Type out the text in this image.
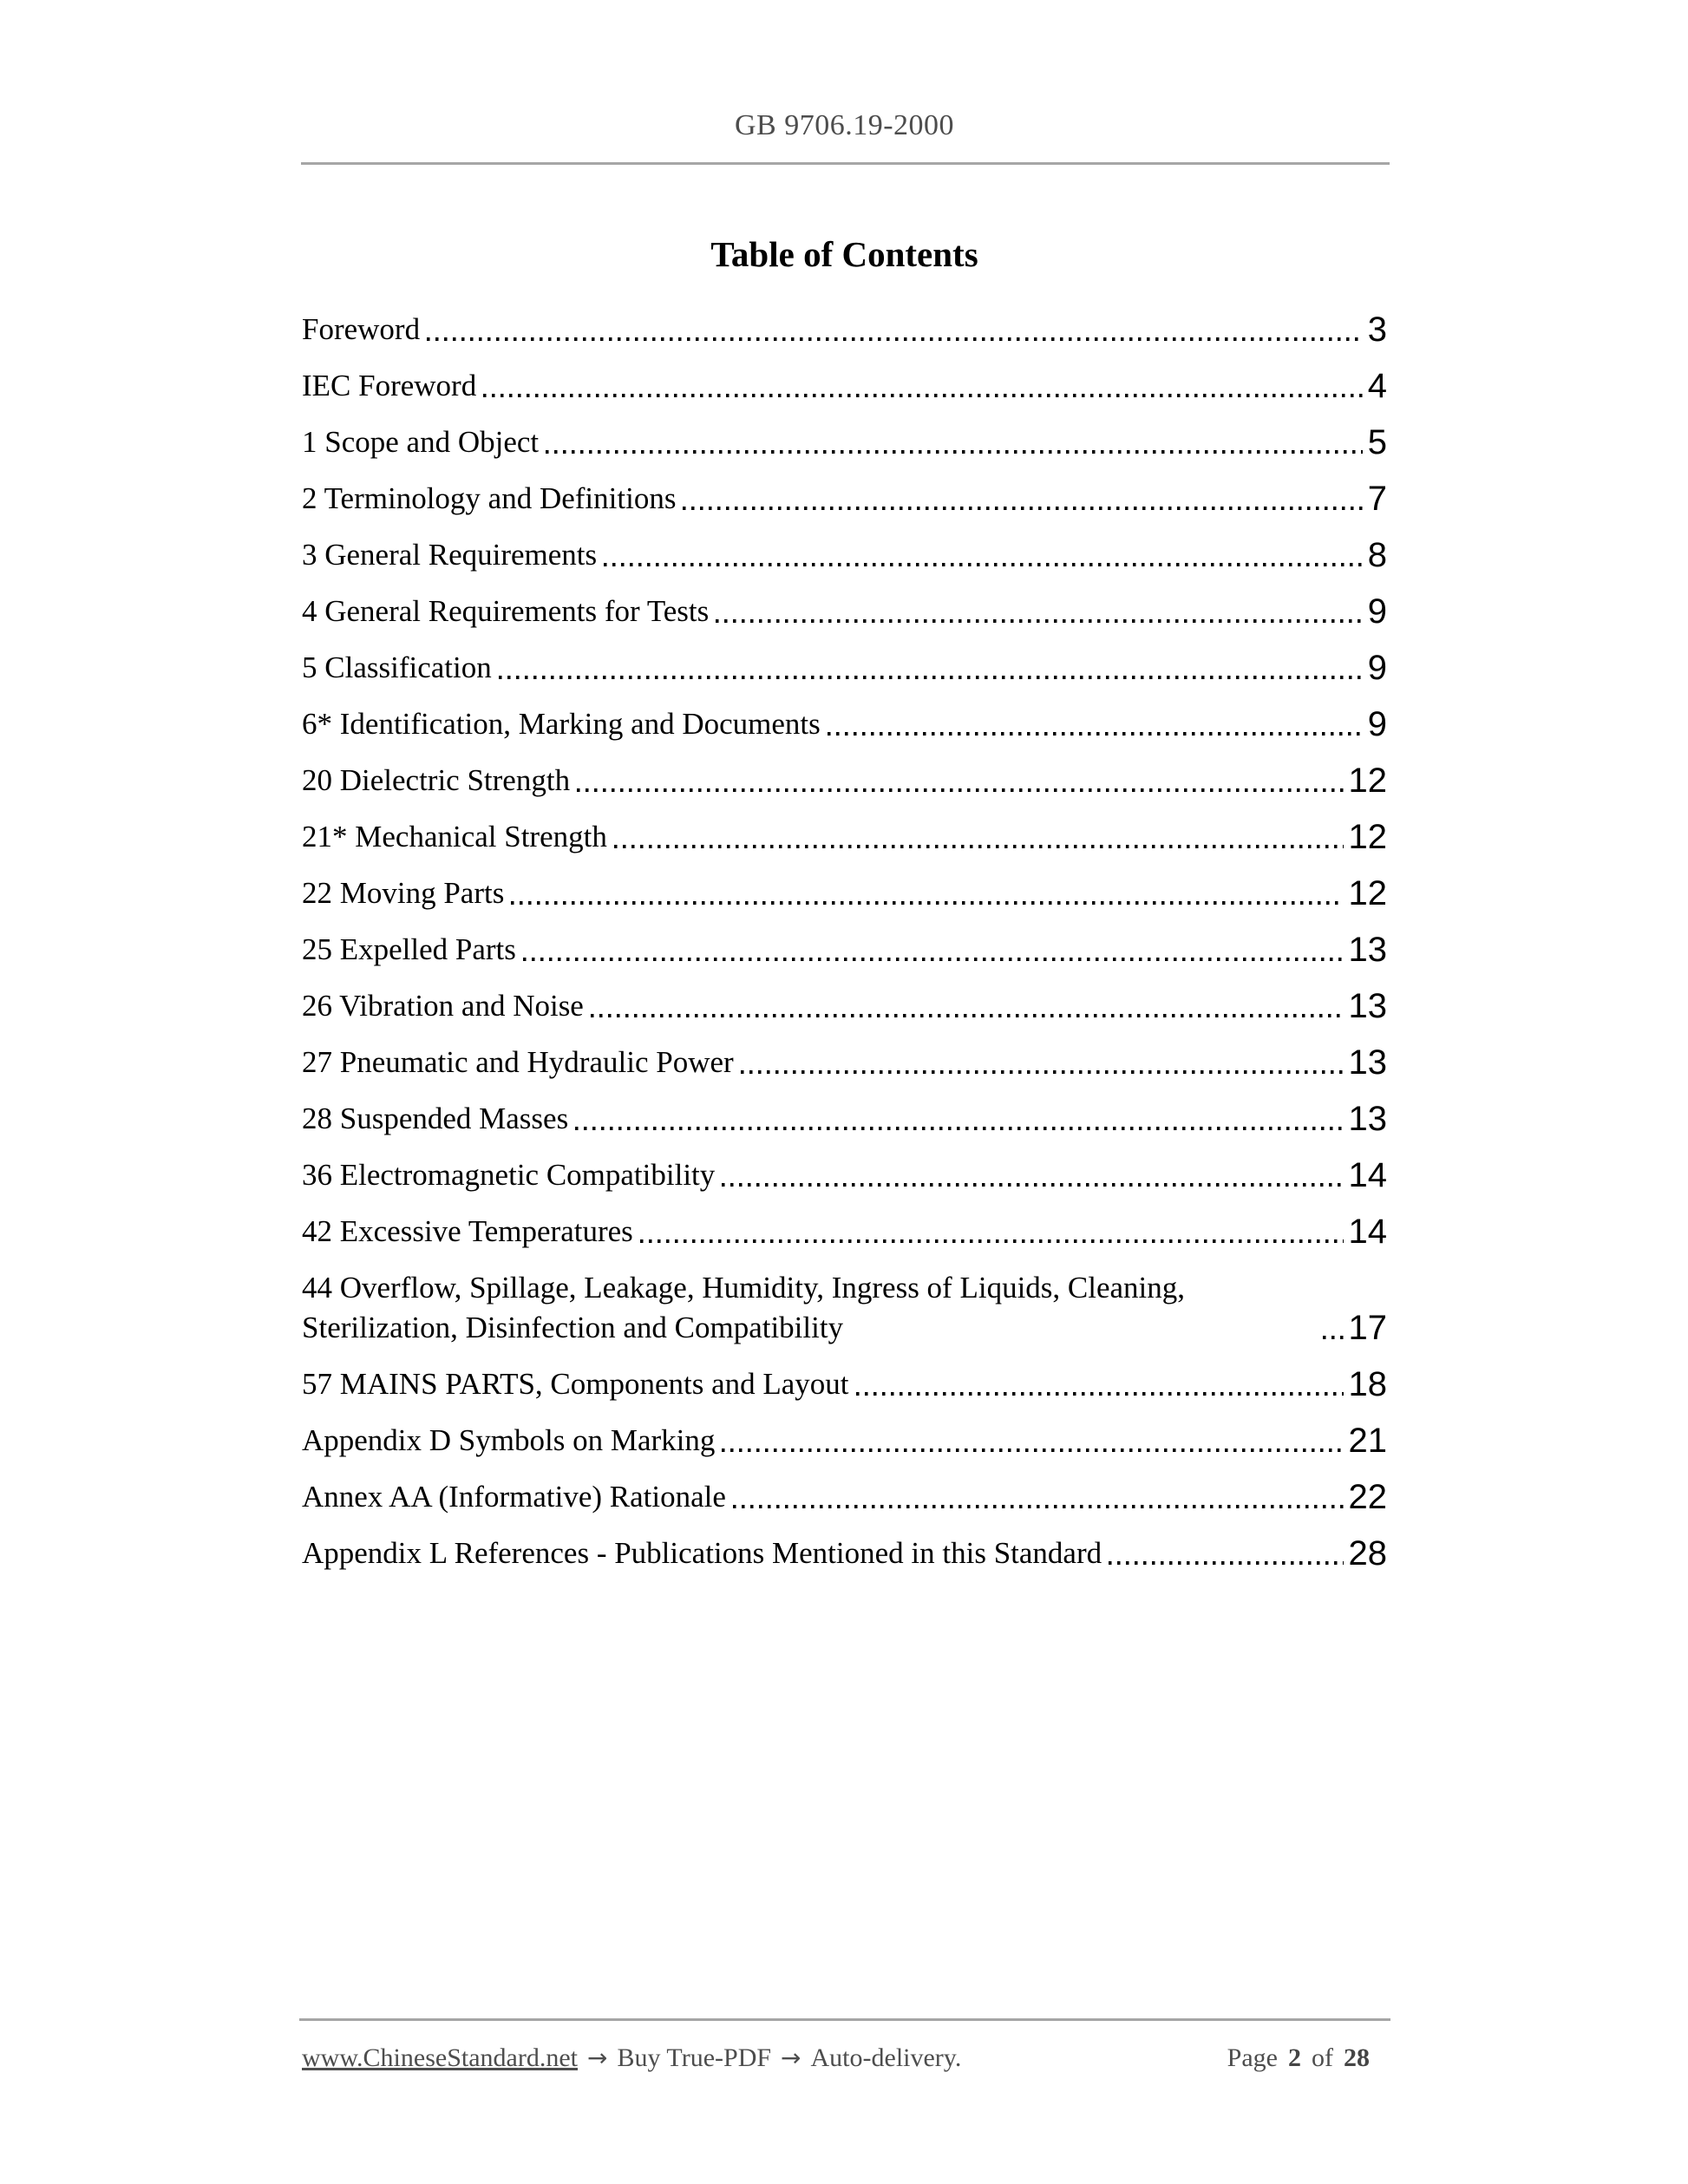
GB 9706.19-2000
Table of Contents
Foreword	3
IEC Foreword	4
1 Scope and Object	5
2 Terminology and Definitions	7
3 General Requirements	8
4 General Requirements for Tests	9
5 Classification	9
6* Identification, Marking and Documents	9
20 Dielectric Strength	12
21* Mechanical Strength	12
22 Moving Parts	12
25 Expelled Parts	13
26 Vibration and Noise	13
27 Pneumatic and Hydraulic Power	13
28 Suspended Masses	13
36 Electromagnetic Compatibility	14
42 Excessive Temperatures	14
44 Overflow, Spillage, Leakage, Humidity, Ingress of Liquids, Cleaning, Sterilization, Disinfection and Compatibility	17
57 MAINS PARTS, Components and Layout	18
Appendix D Symbols on Marking	21
Annex AA (Informative) Rationale	22
Appendix L References - Publications Mentioned in this Standard	28
www.ChineseStandard.net → Buy True-PDF → Auto-delivery.	Page 2 of 28
